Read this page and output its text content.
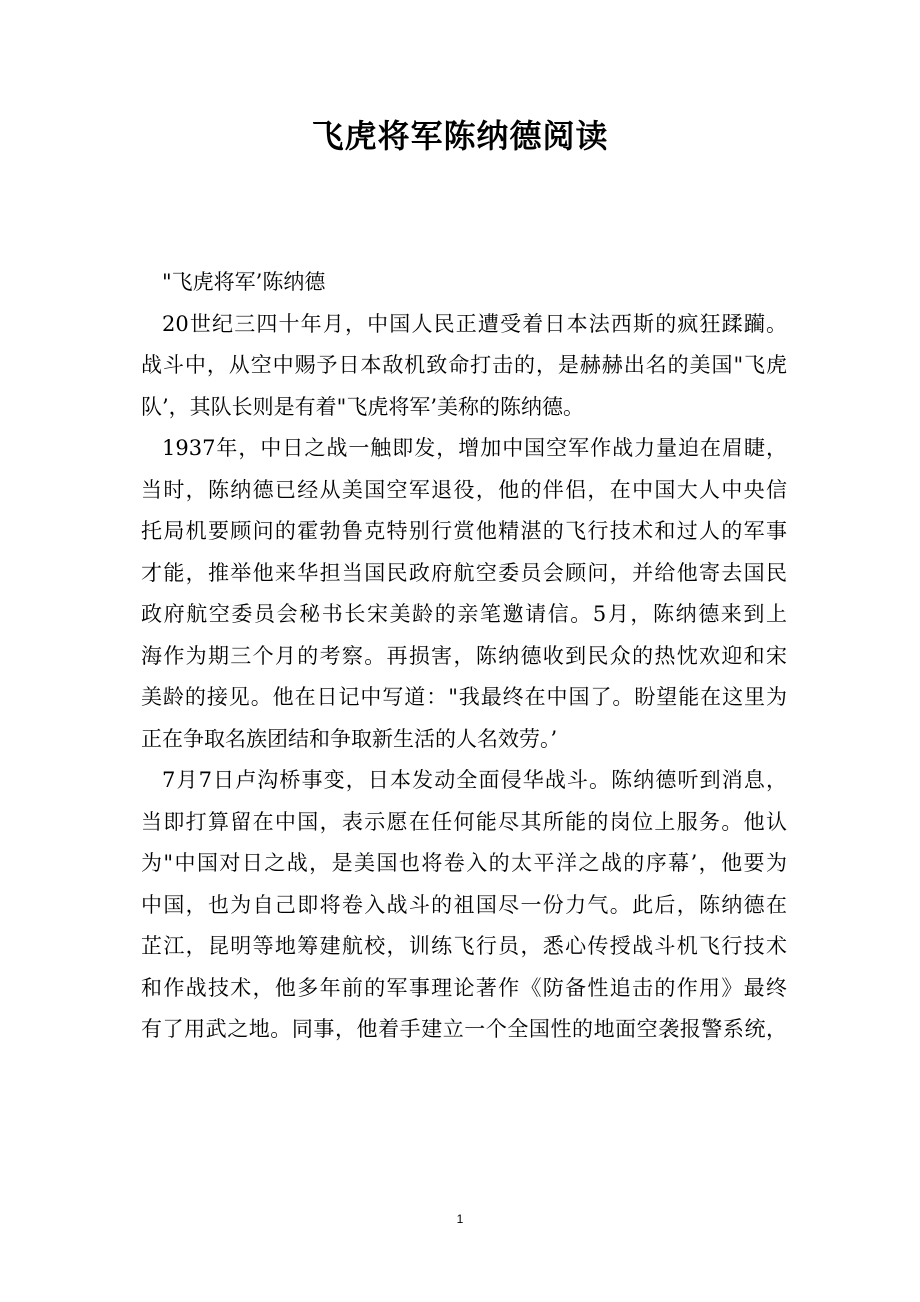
飞虎将军陈纳德阅读
"飞虎将军’陈纳德
20世纪三四十年月，中国人民正遭受着日本法西斯的疯狂蹂躏。
战斗中，从空中赐予日本敌机致命打击的，是赫赫出名的美国"飞虎
队’，其队长则是有着"飞虎将军’美称的陈纳德。
1937年，中日之战一触即发，增加中国空军作战力量迫在眉睫，
当时，陈纳德已经从美国空军退役，他的伴侣，在中国大人中央信
托局机要顾问的霍勃鲁克特别行赏他精湛的飞行技术和过人的军事
才能，推举他来华担当国民政府航空委员会顾问，并给他寄去国民
政府航空委员会秘书长宋美龄的亲笔邀请信。5月，陈纳德来到上
海作为期三个月的考察。再损害，陈纳德收到民众的热忱欢迎和宋
美龄的接见。他在日记中写道："我最终在中国了。盼望能在这里为
正在争取名族团结和争取新生活的人名效劳。’
7月7日卢沟桥事变，日本发动全面侵华战斗。陈纳德听到消息，
当即打算留在中国，表示愿在任何能尽其所能的岗位上服务。他认
为"中国对日之战，是美国也将卷入的太平洋之战的序幕’，他要为
中国，也为自己即将卷入战斗的祖国尽一份力气。此后，陈纳德在
芷江，昆明等地筹建航校，训练飞行员，悉心传授战斗机飞行技术
和作战技术，他多年前的军事理论著作《防备性追击的作用》最终
有了用武之地。同事，他着手建立一个全国性的地面空袭报警系统，
1
